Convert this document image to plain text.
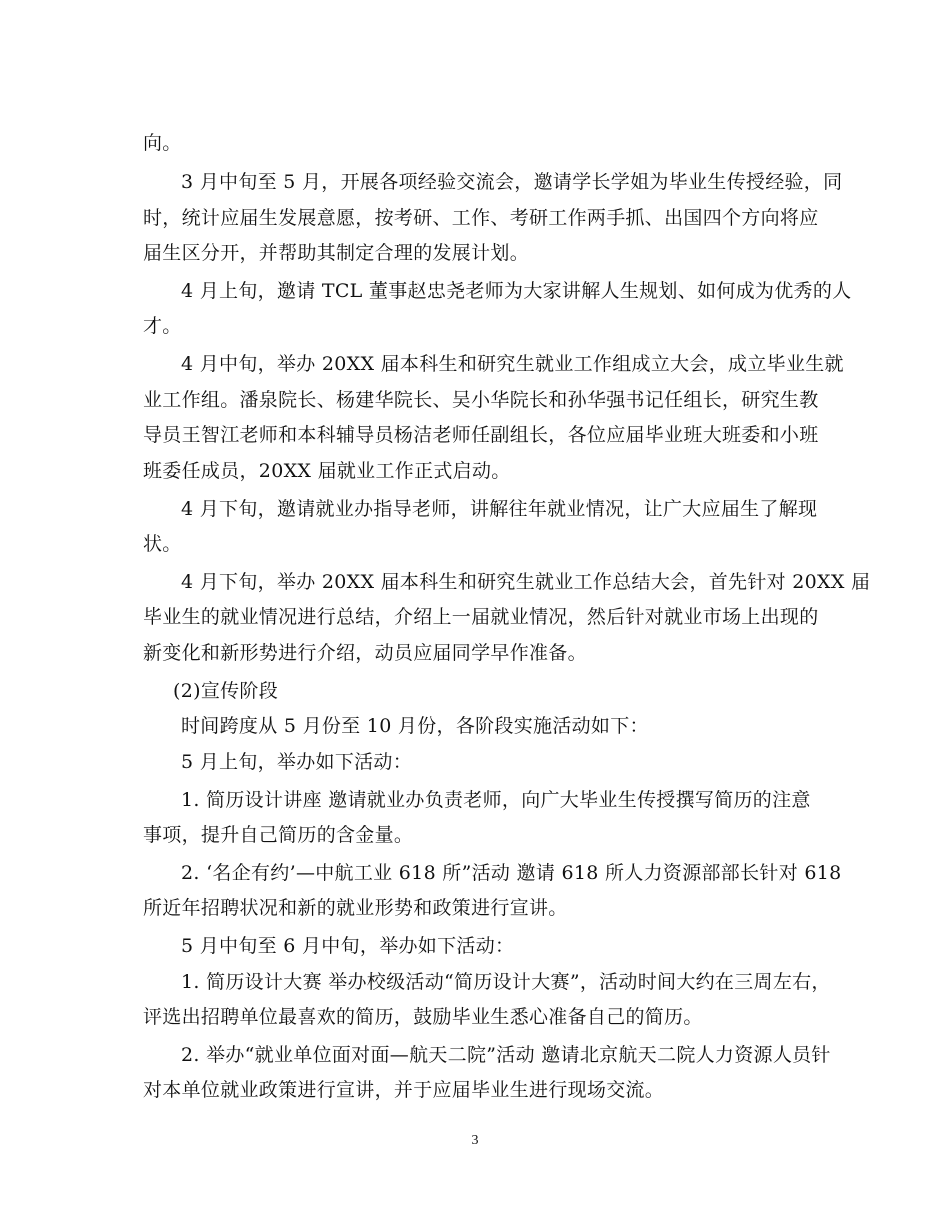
向。

3 月中旬至 5 月，开展各项经验交流会，邀请学长学姐为毕业生传授经验，同

时，统计应届生发展意愿，按考研、工作、考研工作两手抓、出国四个方向将应

届生区分开，并帮助其制定合理的发展计划。

4 月上旬，邀请 TCL 董事赵忠尧老师为大家讲解人生规划、如何成为优秀的人

才。

4 月中旬，举办 20XX 届本科生和研究生就业工作组成立大会，成立毕业生就

业工作组。潘泉院长、杨建华院长、吴小华院长和孙华强书记任组长，研究生教

导员王智江老师和本科辅导员杨洁老师任副组长，各位应届毕业班大班委和小班

班委任成员，20XX 届就业工作正式启动。

4 月下旬，邀请就业办指导老师，讲解往年就业情况，让广大应届生了解现

状。

4 月下旬，举办 20XX 届本科生和研究生就业工作总结大会，首先针对 20XX 届

毕业生的就业情况进行总结，介绍上一届就业情况，然后针对就业市场上出现的

新变化和新形势进行介绍，动员应届同学早作准备。

(2)宣传阶段

时间跨度从 5 月份至 10 月份，各阶段实施活动如下：

5 月上旬，举办如下活动：

1. 简历设计讲座 邀请就业办负责老师，向广大毕业生传授撰写简历的注意

事项，提升自己简历的含金量。

2. ‘名企有约’—中航工业 618 所”活动 邀请 618 所人力资源部部长针对 618

所近年招聘状况和新的就业形势和政策进行宣讲。

5 月中旬至 6 月中旬，举办如下活动：

1. 简历设计大赛 举办校级活动“简历设计大赛”，活动时间大约在三周左右，

评选出招聘单位最喜欢的简历，鼓励毕业生悉心准备自己的简历。

2. 举办“就业单位面对面—航天二院”活动 邀请北京航天二院人力资源人员针

对本单位就业政策进行宣讲，并于应届毕业生进行现场交流。

3
